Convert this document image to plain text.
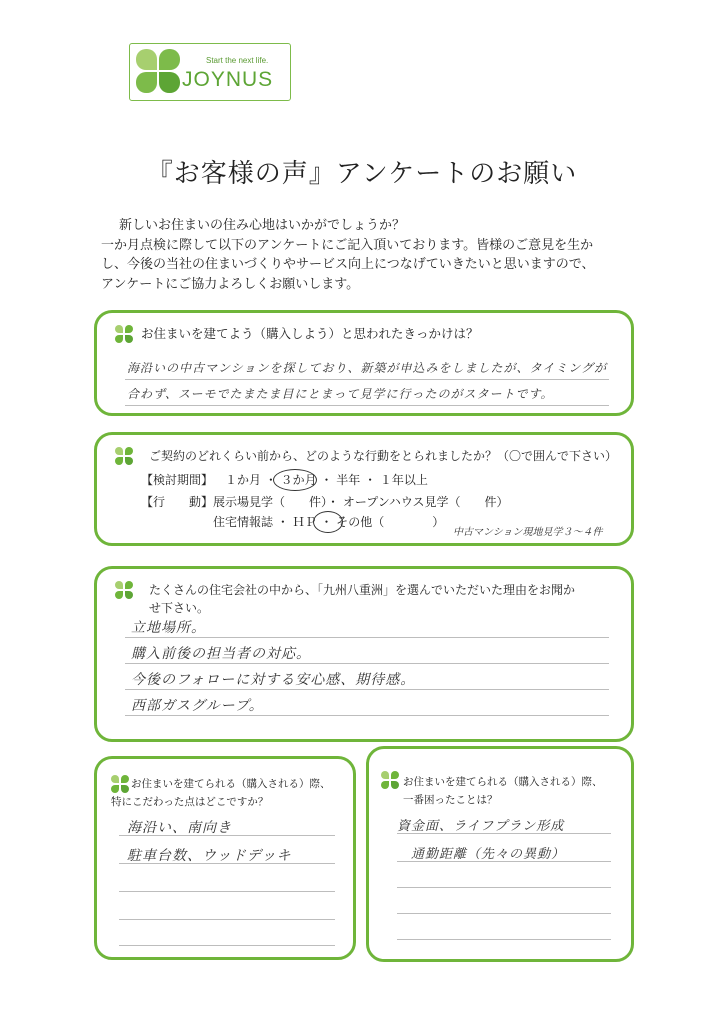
Start the next life.
JOYNUS
『お客様の声』アンケートのお願い

新しいお住まいの住み心地はいかがでしょうか？

一か月点検に際して以下のアンケートにご記入頂いております。皆様のご意見を生か

し、今後の当社の住まいづくりやサービス向上につなげていきたいと思いますので、

アンケートにご協力よろしくお願いします。

お住まいを建てよう（購入しよう）と思われたきっかけは？
海沿いの中古マンションを探しており、新築が申込みをしましたが、タイミングが
合わず、スーモでたまたま目にとまって見学に行ったのがスタートです。
ご契約のどれくらい前から、どのような行動をとられましたか？（〇で囲んで下さい）
【検討期間】 １か月 ・ ３か月 ・ 半年 ・ １年以上
【行　　動】 展示場見学（　　件）・ オープンハウス見学（　　件）
住宅情報誌 ・ ＨＰ ・ その他（　　　　）
中古マンション現地見学３～４件
たくさんの住宅会社の中から、「九州八重洲」を選んでいただいた理由をお聞か
せ下さい。
立地場所。
購入前後の担当者の対応。
今後のフォローに対する安心感、期待感。
西部ガスグループ。
お住まいを建てられる（購入される）際、
特にこだわった点はどこですか？
海沿い、南向き
駐車台数、ウッドデッキ
お住まいを建てられる（購入される）際、
一番困ったことは？
資金面、ライフプラン形成
通勤距離（先々の異動）
